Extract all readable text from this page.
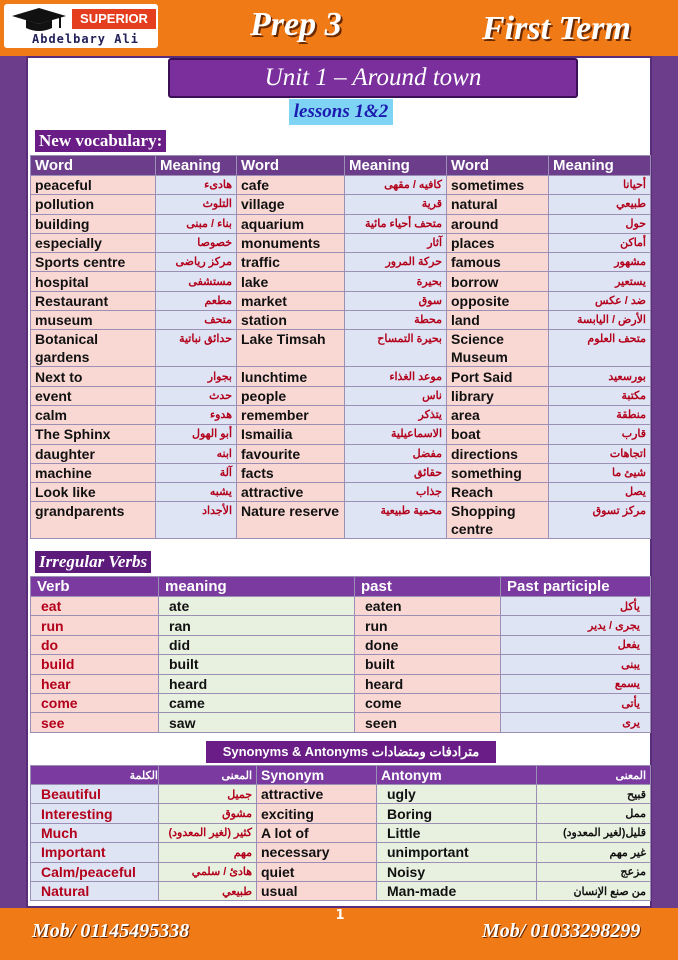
SUPERIOR
Abdelbary Ali	Prep 3	First Term
Unit 1 – Around town
lessons 1&2
New vocabulary:
Word	Meaning	Word	Meaning	Word	Meaning
peaceful	هادىء	cafe	كافيه / مقهى	sometimes	أحيانا
pollution	التلوث	village	قرية	natural	طبيعي
building	بناء / مبنى	aquarium	متحف أحياء مائية	around	حول
especially	خصوصا	monuments	آثار	places	أماكن
Sports centre	مركز رياضى	traffic	حركة المرور	famous	مشهور
hospital	مستشفى	lake	بحيرة	borrow	يستعير
Restaurant	مطعم	market	سوق	opposite	ضد / عكس
museum	متحف	station	محطة	land	الأرض / اليابسة
Botanical gardens	حدائق نباتية	Lake Timsah	بحيرة التمساح	Science Museum	متحف العلوم
Next to	بجوار	lunchtime	موعد الغذاء	Port Said	بورسعيد
event	حدث	people	ناس	library	مكتبة
calm	هدوء	remember	يتذكر	area	منطقة
The Sphinx	أبو الهول	Ismailia	الاسماعيلية	boat	قارب
daughter	ابنه	favourite	مفضل	directions	اتجاهات
machine	آلة	facts	حقائق	something	شيئ ما
Look like	يشبه	attractive	جذاب	Reach	يصل
grandparents	الأجداد	Nature reserve	محمية طبيعية	Shopping centre	مركز تسوق
Irregular Verbs
Verb	meaning	past	Past participle
eat	ate	eaten	يأكل
run	ran	run	يجرى / يدير
do	did	done	يفعل
build	built	built	يبنى
hear	heard	heard	يسمع
come	came	come	يأتى
see	saw	seen	يرى
Synonyms & Antonyms مترادفات ومتضادات
الكلمة	المعنى	Synonym	Antonym	المعنى
Beautiful	جميل	attractive	ugly	قبيح
Interesting	مشوق	exciting	Boring	ممل
Much	كثير (لغير المعدود)	A lot of	Little	قليل(لغير المعدود)
Important	مهم	necessary	unimportant	غير مهم
Calm/peaceful	هادئ / سلمي	quiet	Noisy	مزعج
Natural	طبيعي	usual	Man-made	من صنع الإنسان
1
Mob/ 01145495338	Mob/ 01033298299
